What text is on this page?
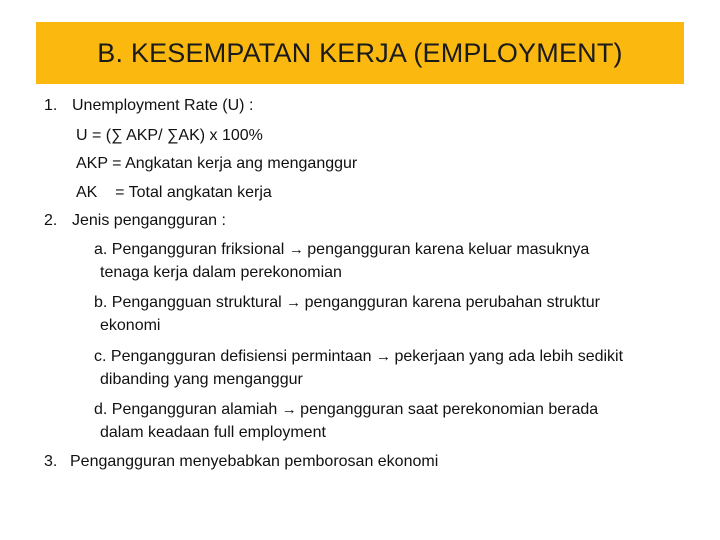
B. KESEMPATAN KERJA (EMPLOYMENT)
1. Unemployment Rate (U) :
U = (∑ AKP/ ∑AK) x 100%
AKP = Angkatan kerja ang menganggur
AK    = Total angkatan kerja
2. Jenis pengangguran :
a. Pengangguran friksional → pengangguran karena keluar masuknya
tenaga kerja dalam perekonomian
b. Pengangguan struktural → pengangguran karena perubahan struktur
ekonomi
c. Pengangguran defisiensi permintaan → pekerjaan yang ada lebih sedikit
dibanding yang menganggur
d. Pengangguran alamiah → pengangguran saat perekonomian berada
dalam keadaan full employment
3. Pengangguran menyebabkan pemborosan ekonomi
